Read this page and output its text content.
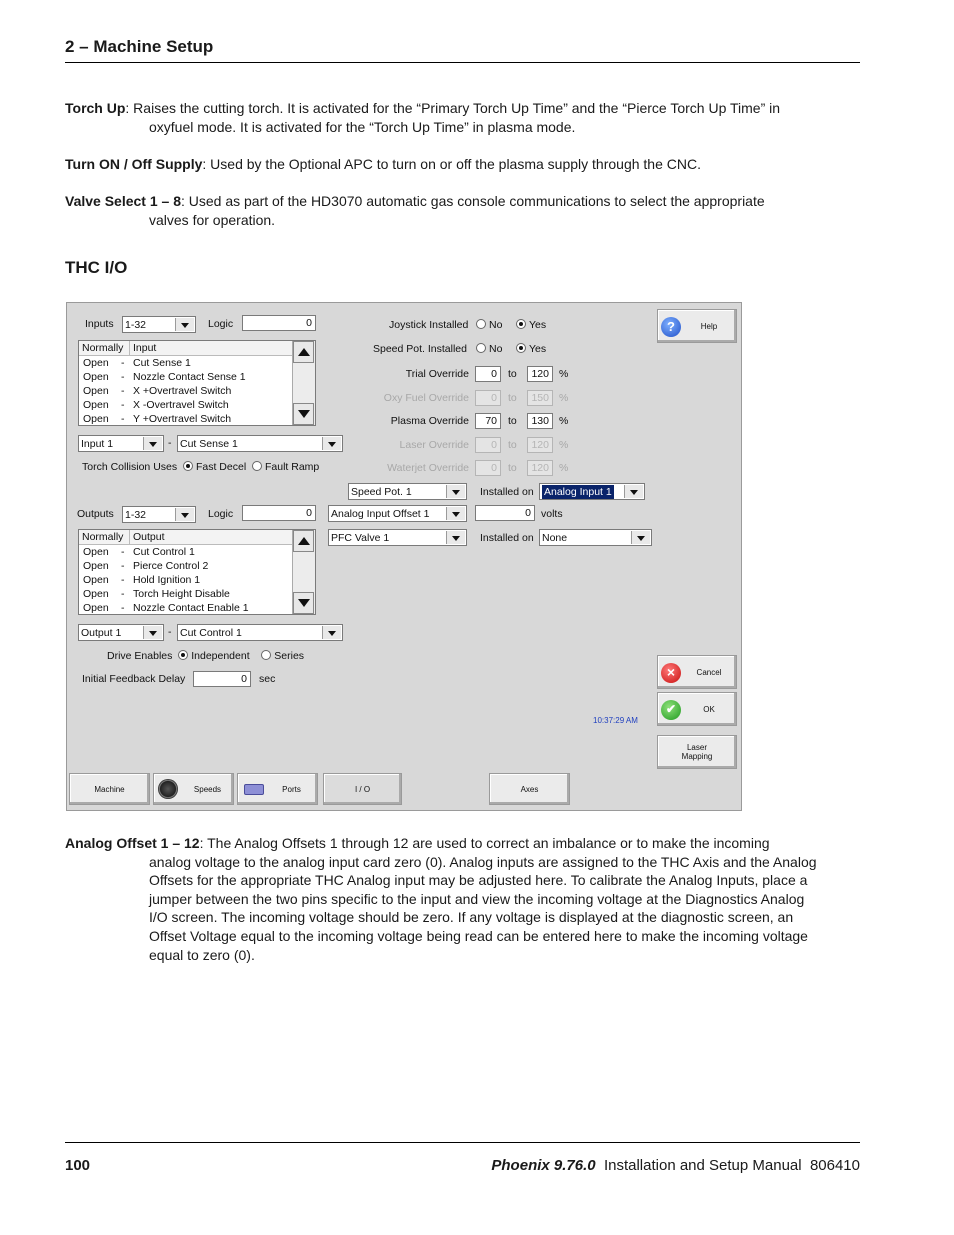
2 – Machine Setup
Torch Up: Raises the cutting torch. It is activated for the “Primary Torch Up Time” and the “Pierce Torch Up Time” in
oxyfuel mode. It is activated for the “Torch Up Time” in plasma mode.
Turn ON / Off Supply: Used by the Optional APC to turn on or off the plasma supply through the CNC.
Valve Select 1 – 8: Used as part of the HD3070 automatic gas console communications to select the appropriate
valves for operation.
THC I/O
Inputs 1-32	Logic	0
Normally Input
Open - Cut Sense 1
Open - Nozzle Contact Sense 1
Open - X +Overtravel Switch
Open - X -Overtravel Switch
Open - Y +Overtravel Switch
Input 1	- Cut Sense 1
Torch Collision Uses Fast Decel Fault Ramp
Outputs 1-32	Logic	0
Normally Output
Open - Cut Control 1
Open - Pierce Control 2
Open - Hold Ignition 1
Open - Torch Height Disable
Open - Nozzle Contact Enable 1
Output 1	- Cut Control 1
Drive Enables Independent Series
Initial Feedback Delay	0	sec
Joystick Installed	No	Yes
Speed Pot. Installed	No	Yes
Speed Pot. 1	Installed on Analog Input 1
Analog Input Offset 1	0 volts
PFC Valve 1	Installed on None
?	Help
×	Cancel
✔	OK
Laser
Mapping
10:37:29 AM
Machine	Speeds	Ports	I / O	Axes
Trial Override	0	to	120 %
Oxy Fuel Override	0	to	150 %
Plasma Override	70	to	130 %
Laser Override	0	to	120 %
Waterjet Override	0	to	120 %
Analog Offset 1 – 12: The Analog Offsets 1 through 12 are used to correct an imbalance or to make the incoming
analog voltage to the analog input card zero (0). Analog inputs are assigned to the THC Axis and the Analog
Offsets for the appropriate THC Analog input may be adjusted here. To calibrate the Analog Inputs, place a
jumper between the two pins specific to the input and view the incoming voltage at the Diagnostics Analog
I/O screen. The incoming voltage should be zero. If any voltage is displayed at the diagnostic screen, an
Offset Voltage equal to the incoming voltage being read can be entered here to make the incoming voltage
equal to zero (0).
100	Phoenix 9.76.0 Installation and Setup Manual 806410
